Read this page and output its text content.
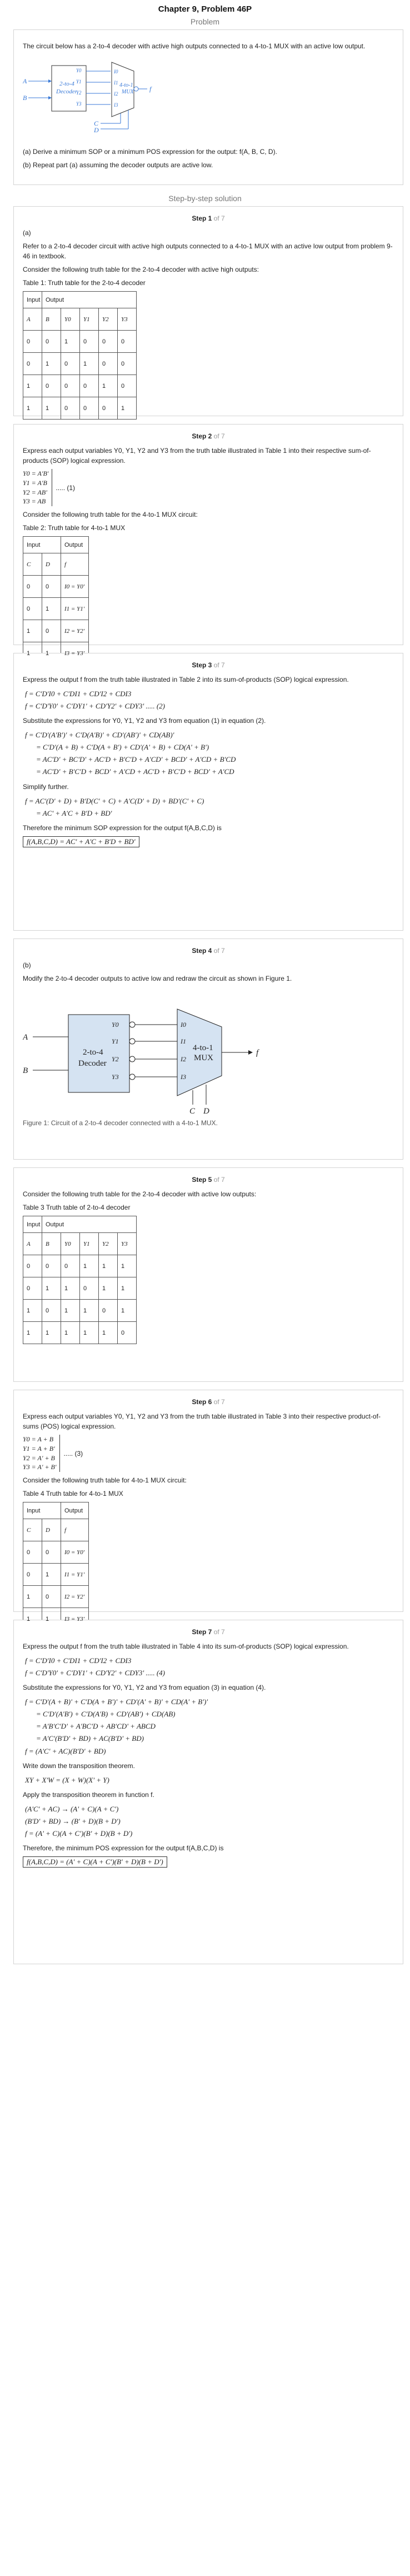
Chapter 9, Problem 46P
Problem

The circuit below has a 2-to-4 decoder with active high outputs connected to a 4-to-1 MUX with an active low output.

A
B
2-to-4
Decoder
Y0
Y1
Y2
Y3
I0
I1
I2
I3
4-to-1
MUX f
C
D

(a) Derive a minimum SOP or a minimum POS expression for the output: f(A, B, C, D).

(b) Repeat part (a) assuming the decoder outputs are active low.

Step-by-step solution
Step 1 of 7

(a)

Refer to a 2-to-4 decoder circuit with active high outputs connected to a 4-to-1 MUX with an active low output from problem 9-46 in textbook.

Consider the following truth table for the 2-to-4 decoder with active high outputs:

Table 1: Truth table for the 2-to-4 decoder

Input	Output				
A	B	Y0	Y1	Y2	Y3
0	0	1	0	0	0
0	1	0	1	0	0
1	0	0	0	1	0
1	1	0	0	0	1
Step 2 of 7

Express each output variables Y0, Y1, Y2 and Y3 from the truth table illustrated in Table 1 into their respective sum-of-products (SOP) logical expression.

Y0 = A'B'
Y1 = A'B
Y2 = AB'
Y3 = AB
..... (1)

Consider the following truth table for the 4-to-1 MUX circuit:

Table 2: Truth table for 4-to-1 MUX

Input		Output
C	D	f
0	0	I0 = Y0'
0	1	I1 = Y1'
1	0	I2 = Y2'
1	1	I3 = Y3'
Step 3 of 7

Express the output f from the truth table illustrated in Table 2 into its sum-of-products (SOP) logical expression.

f = C'D'I0 + C'DI1 + CD'I2 + CDI3
f = C'D'Y0' + C'DY1' + CD'Y2' + CDY3' ..... (2)

Substitute the expressions for Y0, Y1, Y2 and Y3 from equation (1) in equation (2).

f = C'D'(A'B')' + C'D(A'B)' + CD'(AB')' + CD(AB)'
= C'D'(A + B) + C'D(A + B') + CD'(A' + B) + CD(A' + B')
= AC'D' + BC'D' + AC'D + B'C'D + A'CD' + BCD' + A'CD + B'CD
= AC'D' + B'C'D + BCD' + A'CD + AC'D + B'C'D + BCD' + A'CD

Simplify further.

f = AC'(D' + D) + B'D(C' + C) + A'C(D' + D) + BD'(C' + C)
= AC' + A'C + B'D + BD'

Therefore the minimum SOP expression for the output f(A,B,C,D) is

f(A,B,C,D) = AC' + A'C + B'D + BD'
Step 4 of 7

(b)

Modify the 2-to-4 decoder outputs to active low and redraw the circuit as shown in Figure 1.

A
B
2-to-4
Decoder
Y0
Y1
Y2
Y3
I0
I1
I2
I3
4-to-1
MUX
f
C D

Figure 1: Circuit of a 2-to-4 decoder connected with a 4-to-1 MUX.

Step 5 of 7

Consider the following truth table for the 2-to-4 decoder with active low outputs:

Table 3 Truth table of 2-to-4 decoder

Input	Output				
A	B	Y0	Y1	Y2	Y3
0	0	0	1	1	1
0	1	1	0	1	1
1	0	1	1	0	1
1	1	1	1	1	0
Step 6 of 7

Express each output variables Y0, Y1, Y2 and Y3 from the truth table illustrated in Table 3 into their respective product-of-sums (POS) logical expression.

Y0 = A + B
Y1 = A + B'
Y2 = A' + B
Y3 = A' + B'
..... (3)

Consider the following truth table for 4-to-1 MUX circuit:

Table 4 Truth table for 4-to-1 MUX

Input		Output
C	D	f
0	0	I0 = Y0'
0	1	I1 = Y1'
1	0	I2 = Y2'
1	1	I3 = Y3'
Step 7 of 7

Express the output f from the truth table illustrated in Table 4 into its sum-of-products (SOP) logical expression.

f = C'D'I0 + C'DI1 + CD'I2 + CDI3
f = C'D'Y0' + C'DY1' + CD'Y2' + CDY3' ..... (4)

Substitute the expressions for Y0, Y1, Y2 and Y3 from equation (3) in equation (4).

f = C'D'(A + B)' + C'D(A + B')' + CD'(A' + B)' + CD(A' + B')'
= C'D'(A'B') + C'D(A'B) + CD'(AB') + CD(AB)
= A'B'C'D' + A'BC'D + AB'CD' + ABCD
= A'C'(B'D' + BD) + AC(B'D' + BD)
f = (A'C' + AC)(B'D' + BD)

Write down the transposition theorem.

XY + X'W = (X + W)(X' + Y)

Apply the transposition theorem in function f.

(A'C' + AC) → (A' + C)(A + C')
(B'D' + BD) → (B' + D)(B + D')
f = (A' + C)(A + C')(B' + D)(B + D')

Therefore, the minimum POS expression for the output f(A,B,C,D) is

f(A,B,C,D) = (A' + C)(A + C')(B' + D)(B + D')
